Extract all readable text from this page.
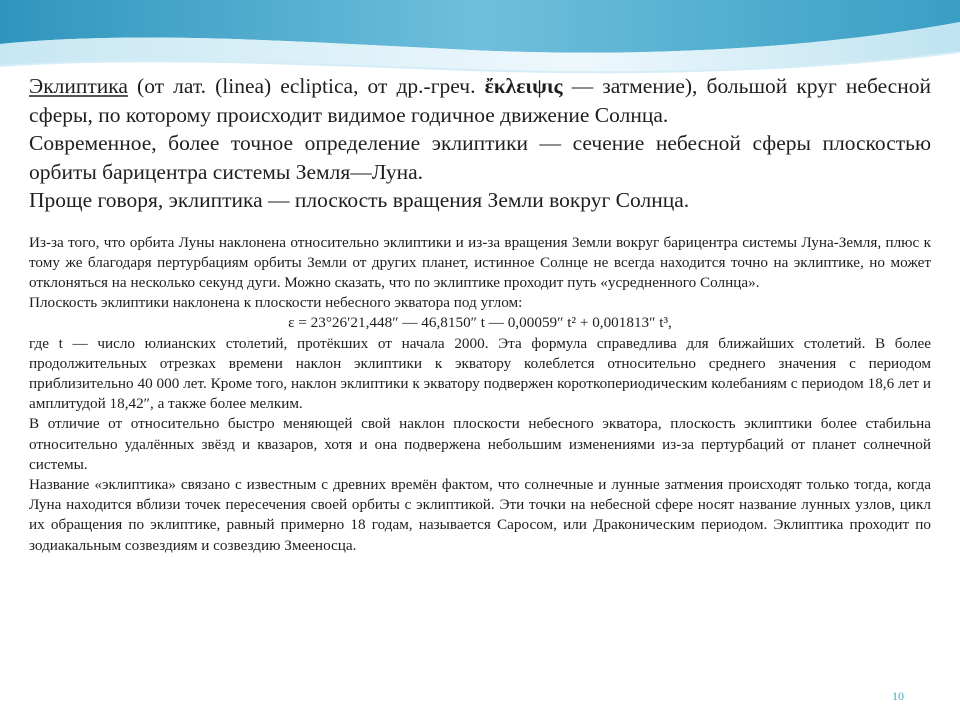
Эклиптика (от лат. (linea) ecliptica, от др.-греч. ἔκλειψις — затмение), большой круг небесной сферы, по которому происходит видимое годичное движение Солнца.

Современное, более точное определение эклиптики — сечение небесной сферы плоскостью орбиты барицентра системы Земля—Луна.

Проще говоря, эклиптика — плоскость вращения Земли вокруг Солнца.

Из-за того, что орбита Луны наклонена относительно эклиптики и из-за вращения Земли вокруг барицентра системы Луна-Земля, плюс к тому же благодаря пертурбациям орбиты Земли от других планет, истинное Солнце не всегда находится точно на эклиптике, но может отклоняться на несколько секунд дуги. Можно сказать, что по эклиптике проходит путь «усредненного Солнца».

Плоскость эклиптики наклонена к плоскости небесного экватора под углом:

ε = 23°26′21,448″ — 46,8150″ t — 0,00059″ t² + 0,001813″ t³,

где t — число юлианских столетий, протёкших от начала 2000. Эта формула справедлива для ближайших столетий. В более продолжительных отрезках времени наклон эклиптики к экватору колеблется относительно среднего значения с периодом приблизительно 40 000 лет. Кроме того, наклон эклиптики к экватору подвержен короткопериодическим колебаниям с периодом 18,6 лет и амплитудой 18,42″, а также более мелким.

В отличие от относительно быстро меняющей свой наклон плоскости небесного экватора, плоскость эклиптики более стабильна относительно удалённых звёзд и квазаров, хотя и она подвержена небольшим изменениями из-за пертурбаций от планет солнечной системы.

Название «эклиптика» связано с известным с древних времён фактом, что солнечные и лунные затмения происходят только тогда, когда Луна находится вблизи точек пересечения своей орбиты с эклиптикой. Эти точки на небесной сфере носят название лунных узлов, цикл их обращения по эклиптике, равный примерно 18 годам, называется Саросом, или Драконическим периодом. Эклиптика проходит по зодиакальным созвездиям и созвездию Змееносца.

10
